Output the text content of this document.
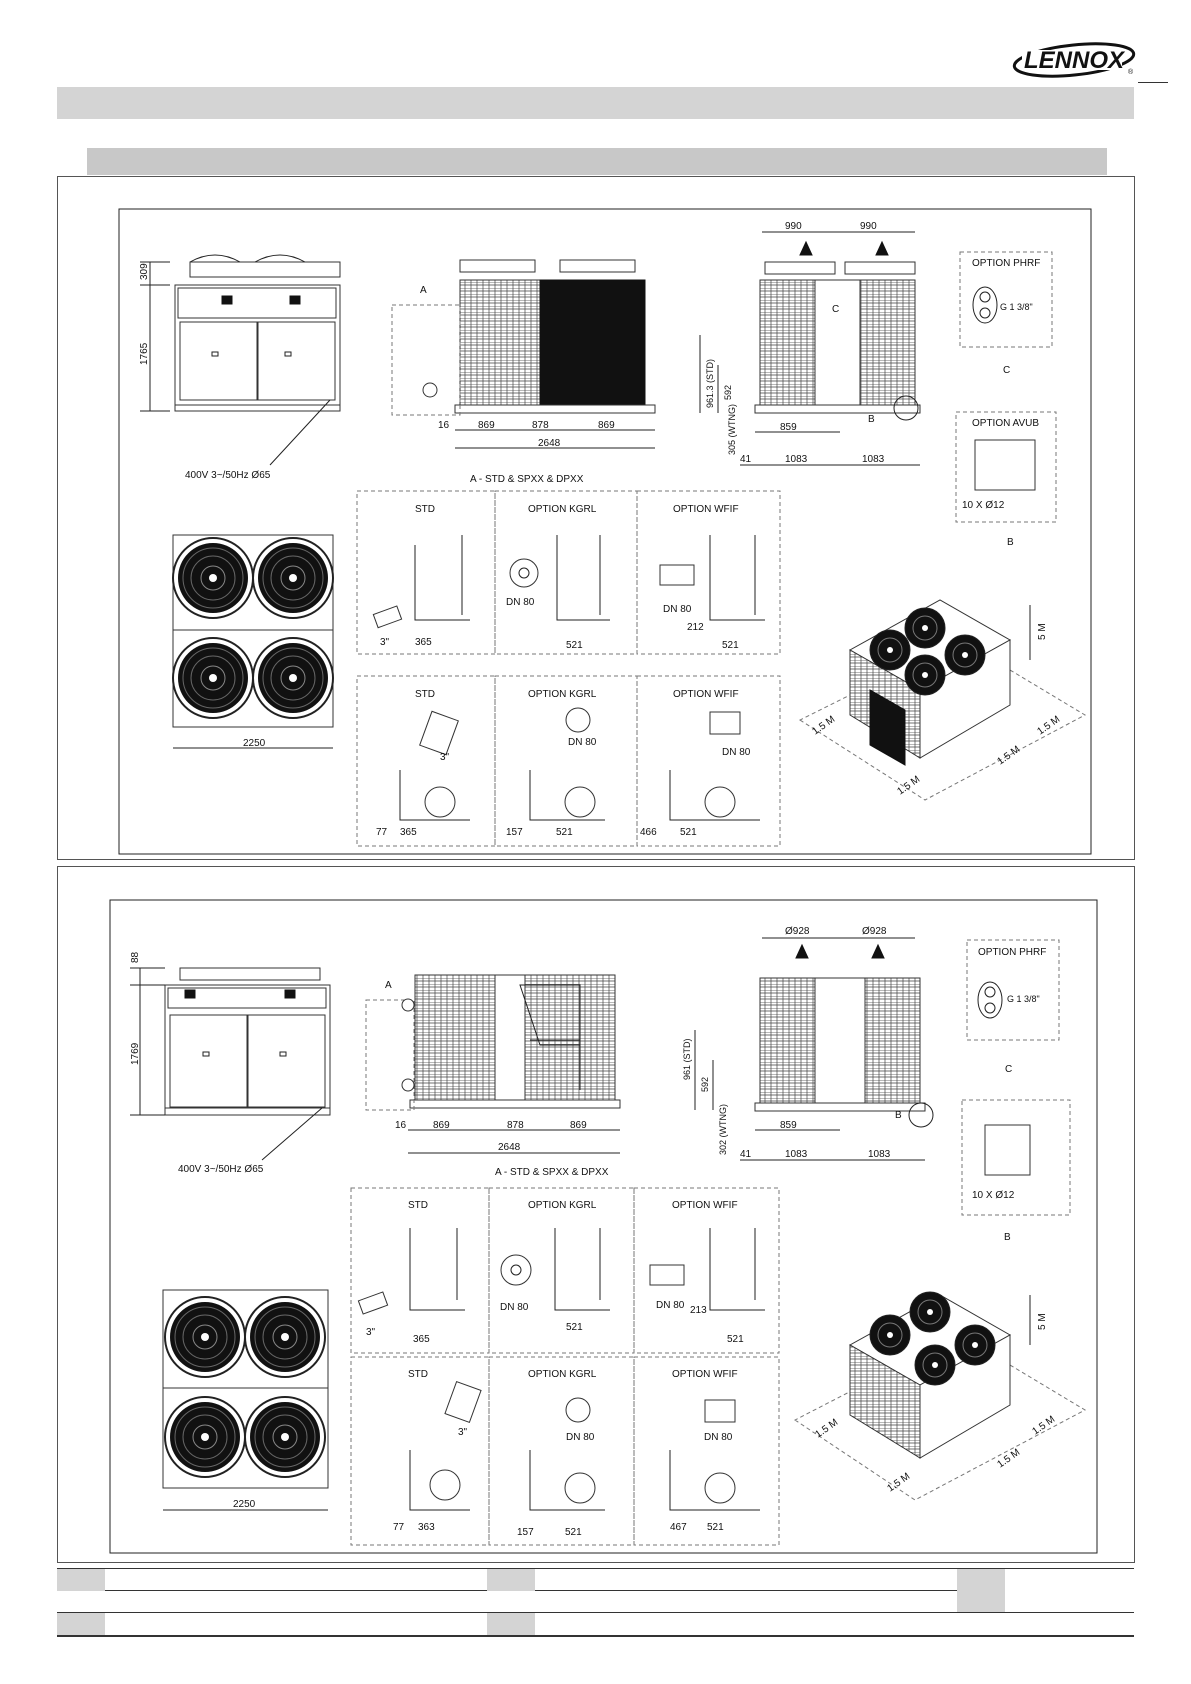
LENNOX ®
309
1765
400V 3~/50Hz Ø65
A
16	869	878	869
2648
A - STD & SPXX & DPXX
990	990
C
B
961.3 (STD) 592
305 (WTNG)
41
859
1083	1083
OPTION PHRF
G 1 3/8"
C
OPTION AVUB
10 X Ø12
B
2250
STD	OPTION KGRL	OPTION WFIF
3"	365
DN 80
521
DN 80
212
521
STD	OPTION KGRL	OPTION WFIF
3"
77 365
DN 80
157	521
DN 80
466 521
5 M
1.5 M	1.5 M
1.5 M
1.5 M
88
1769
400V 3~/50Hz Ø65
A
16	869	878	869
2648
A - STD & SPXX & DPXX
Ø928	Ø928
B
961 (STD)
592
302 (WTNG) 41
859
1083	1083
OPTION PHRF
G 1 3/8"
C
10 X Ø12
B
2250
STD	OPTION KGRL	OPTION WFIF
3"
365
DN 80
521
DN 80 213
521
STD	OPTION KGRL	OPTION WFIF
3"
77 363
DN 80
157	521
DN 80
467 521
5 M
1.5 M	1.5 M
1.5 M
1.5 M
